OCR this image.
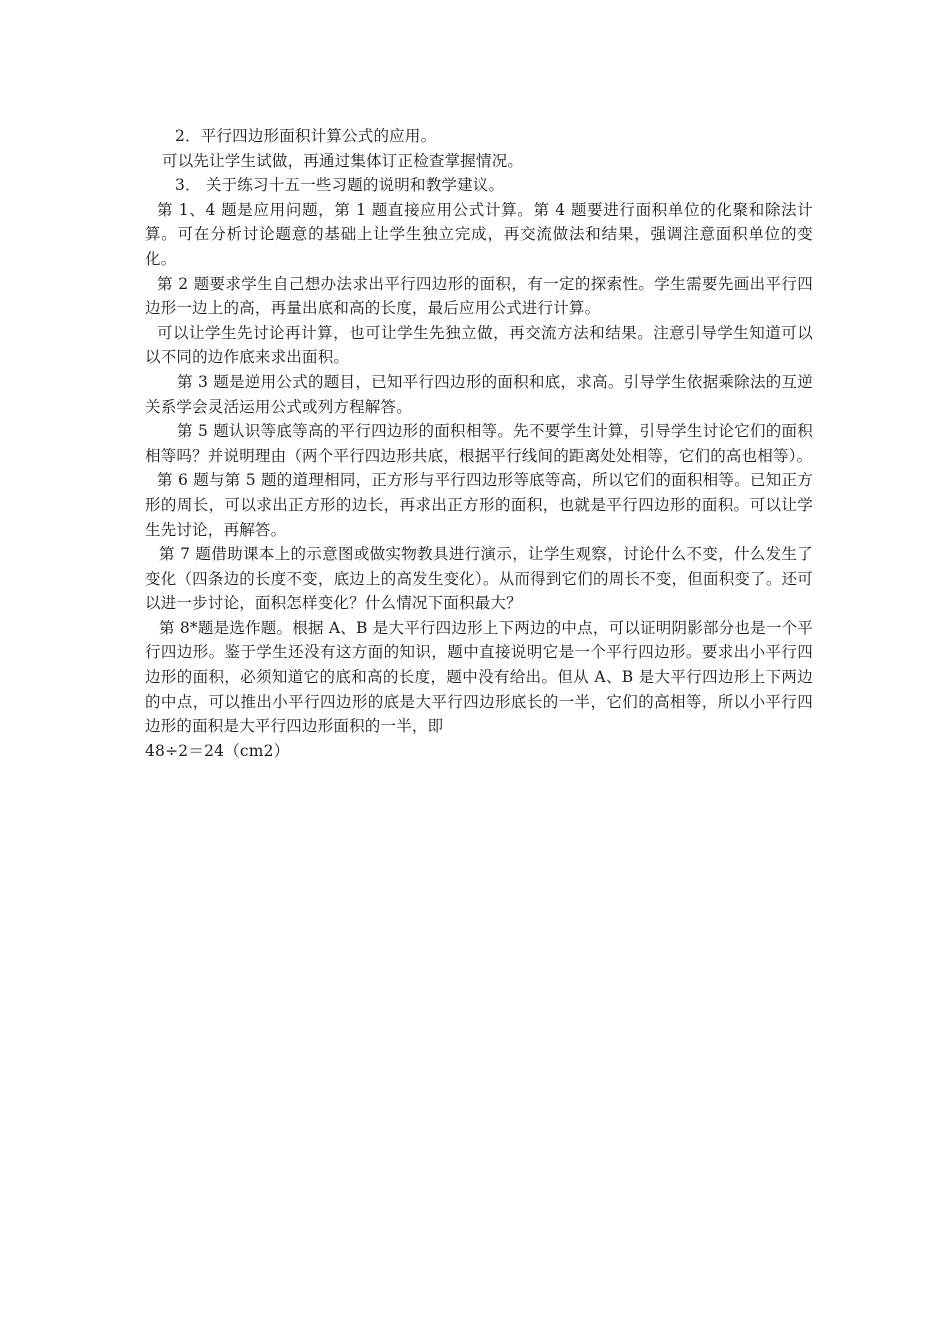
2．平行四边形面积计算公式的应用。

可以先让学生试做，再通过集体订正检查掌握情况。

3． 关于练习十五一些习题的说明和教学建议。

第 1、4 题是应用问题，第 1 题直接应用公式计算。第 4 题要进行面积单位的化聚和除法计算。可在分析讨论题意的基础上让学生独立完成，再交流做法和结果，强调注意面积单位的变化。

第 2 题要求学生自己想办法求出平行四边形的面积，有一定的探索性。学生需要先画出平行四边形一边上的高，再量出底和高的长度，最后应用公式进行计算。

可以让学生先讨论再计算，也可让学生先独立做，再交流方法和结果。注意引导学生知道可以以不同的边作底来求出面积。

第 3 题是逆用公式的题目，已知平行四边形的面积和底，求高。引导学生依据乘除法的互逆关系学会灵活运用公式或列方程解答。

第 5 题认识等底等高的平行四边形的面积相等。先不要学生计算，引导学生讨论它们的面积相等吗？并说明理由（两个平行四边形共底，根据平行线间的距离处处相等，它们的高也相等）。

第 6 题与第 5 题的道理相同，正方形与平行四边形等底等高，所以它们的面积相等。已知正方形的周长，可以求出正方形的边长，再求出正方形的面积，也就是平行四边形的面积。可以让学生先讨论，再解答。

第 7 题借助课本上的示意图或做实物教具进行演示，让学生观察，讨论什么不变，什么发生了变化（四条边的长度不变，底边上的高发生变化）。从而得到它们的周长不变，但面积变了。还可以进一步讨论，面积怎样变化？什么情况下面积最大？

第 8*题是选作题。根据 A、B 是大平行四边形上下两边的中点，可以证明阴影部分也是一个平行四边形。鉴于学生还没有这方面的知识，题中直接说明它是一个平行四边形。要求出小平行四边形的面积，必须知道它的底和高的长度，题中没有给出。但从 A、B 是大平行四边形上下两边的中点，可以推出小平行四边形的底是大平行四边形底长的一半，它们的高相等，所以小平行四边形的面积是大平行四边形面积的一半，即

48÷2＝24（cm2）
